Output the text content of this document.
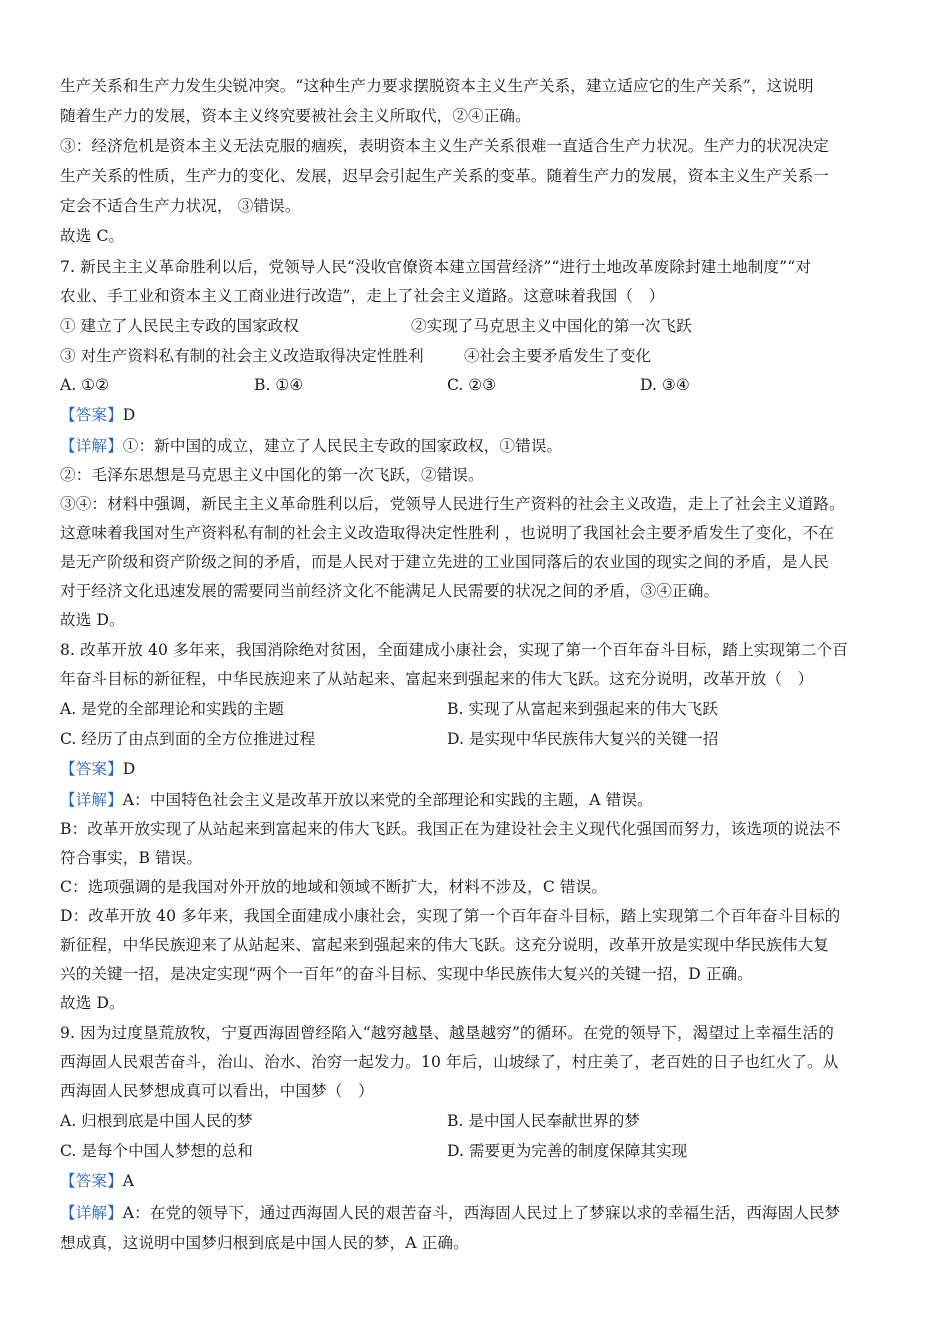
生产关系和生产力发生尖锐冲突。“这种生产力要求摆脱资本主义生产关系，建立适应它的生产关系”，这说明

随着生产力的发展，资本主义终究要被社会主义所取代，②④正确。

③：经济危机是资本主义无法克服的痼疾，表明资本主义生产关系很难一直适合生产力状况。生产力的状况决定

生产关系的性质，生产力的变化、发展，迟早会引起生产关系的变革。随着生产力的发展，资本主义生产关系一

定会不适合生产力状况， ③错误。

故选 C。

7. 新民主主义革命胜利以后，党领导人民“没收官僚资本建立国营经济”“进行土地改革废除封建土地制度”“对

农业、手工业和资本主义工商业进行改造”，走上了社会主义道路。这意味着我国（　）

① 建立了人民民主专政的国家政权	②实现了马克思主义中国化的第一次飞跃

③ 对生产资料私有制的社会主义改造取得决定性胜利	④社会主要矛盾发生了变化

A. ①②	B. ①④	C. ②③	D. ③④

【答案】D

【详解】①：新中国的成立，建立了人民民主专政的国家政权，①错误。

②：毛泽东思想是马克思主义中国化的第一次飞跃，②错误。

③④：材料中强调，新民主主义革命胜利以后，党领导人民进行生产资料的社会主义改造，走上了社会主义道路。

这意味着我国对生产资料私有制的社会主义改造取得决定性胜利 ，也说明了我国社会主要矛盾发生了变化，不在

是无产阶级和资产阶级之间的矛盾，而是人民对于建立先进的工业国同落后的农业国的现实之间的矛盾，是人民

对于经济文化迅速发展的需要同当前经济文化不能满足人民需要的状况之间的矛盾，③④正确。

故选 D。

8. 改革开放 40 多年来，我国消除绝对贫困，全面建成小康社会，实现了第一个百年奋斗目标，踏上实现第二个百

年奋斗目标的新征程，中华民族迎来了从站起来、富起来到强起来的伟大飞跃。这充分说明，改革开放（　）

A. 是党的全部理论和实践的主题	B. 实现了从富起来到强起来的伟大飞跃

C. 经历了由点到面的全方位推进过程	D. 是实现中华民族伟大复兴的关键一招

【答案】D

【详解】A：中国特色社会主义是改革开放以来党的全部理论和实践的主题，A 错误。

B：改革开放实现了从站起来到富起来的伟大飞跃。我国正在为建设社会主义现代化强国而努力，该选项的说法不

符合事实，B 错误。

C：选项强调的是我国对外开放的地域和领域不断扩大，材料不涉及，C 错误。

D：改革开放 40 多年来，我国全面建成小康社会，实现了第一个百年奋斗目标，踏上实现第二个百年奋斗目标的

新征程，中华民族迎来了从站起来、富起来到强起来的伟大飞跃。这充分说明，改革开放是实现中华民族伟大复

兴的关键一招，是决定实现“两个一百年”的奋斗目标、实现中华民族伟大复兴的关键一招，D 正确。

故选 D。

9. 因为过度垦荒放牧，宁夏西海固曾经陷入“越穷越垦、越垦越穷”的循环。在党的领导下，渴望过上幸福生活的

西海固人民艰苦奋斗，治山、治水、治穷一起发力。10 年后，山坡绿了，村庄美了，老百姓的日子也红火了。从

西海固人民梦想成真可以看出，中国梦（　）

A. 归根到底是中国人民的梦	B. 是中国人民奉献世界的梦

C. 是每个中国人梦想的总和	D. 需要更为完善的制度保障其实现

【答案】A

【详解】A：在党的领导下，通过西海固人民的艰苦奋斗，西海固人民过上了梦寐以求的幸福生活，西海固人民梦

想成真，这说明中国梦归根到底是中国人民的梦，A 正确。
